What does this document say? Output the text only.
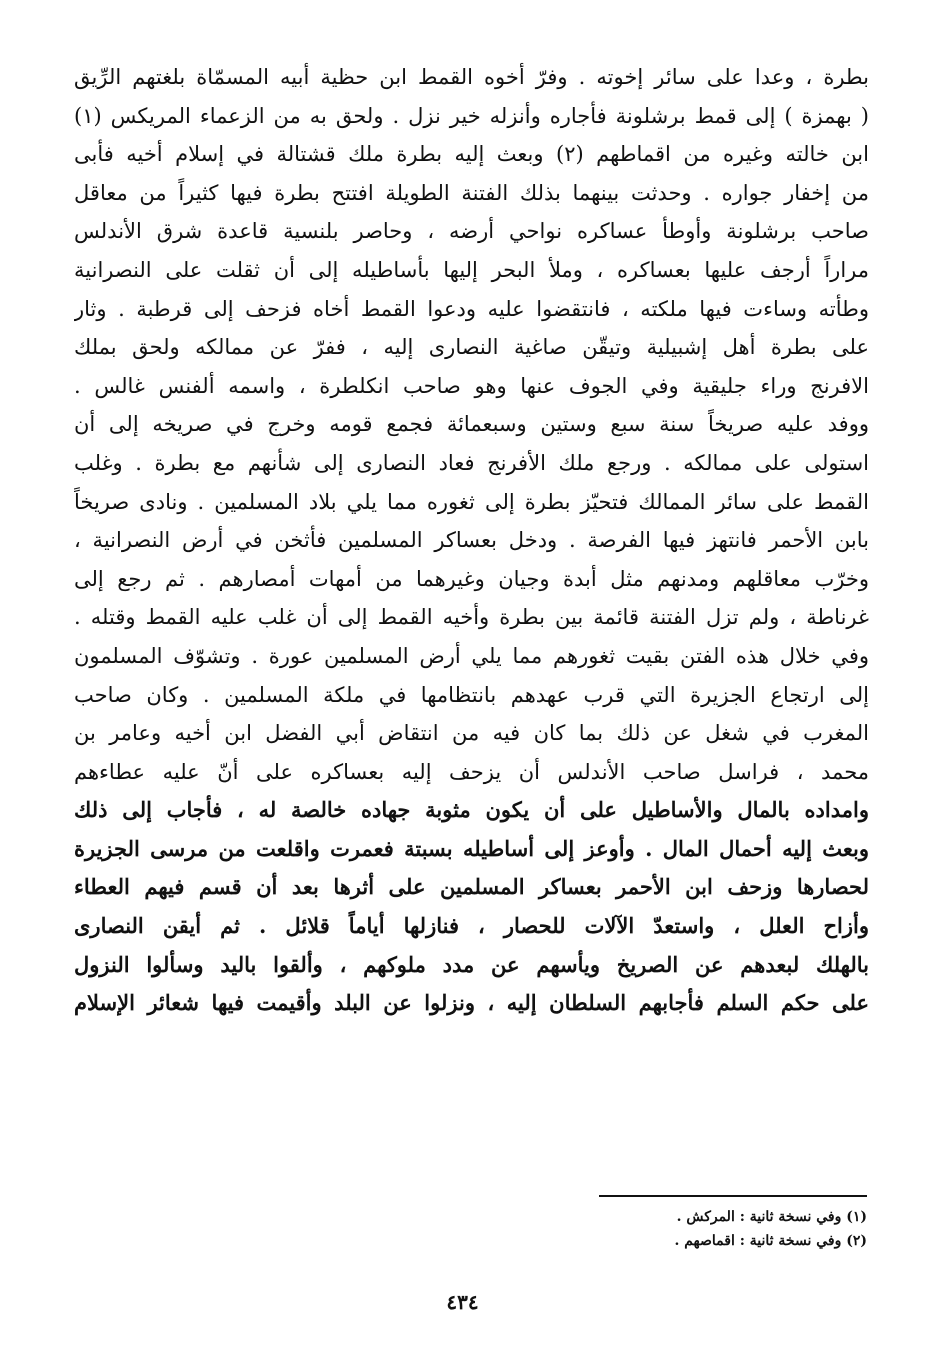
بطرة ، وعدا على سائر إخوته . وفرّ أخوه القمط ابن حظية أبيه المسمّاة بلغتهم الرِّيق
( بهمزة ) إلى قمط برشلونة فأجاره وأنزله خير نزل . ولحق به من الزعماء المريكس (١)
ابن خالته وغيره من اقماطهم (٢) وبعث إليه بطرة ملك قشتالة في إسلام أخيه فأبى
من إخفار جواره . وحدثت بينهما بذلك الفتنة الطويلة افتتح بطرة فيها كثيراً من معاقل
صاحب برشلونة وأوطأ عساكره نواحي أرضه ، وحاصر بلنسية قاعدة شرق الأندلس
مراراً أرجف عليها بعساكره ، وملأ البحر إليها بأساطيله إلى أن ثقلت على النصرانية
وطأته وساءت فيها ملكته ، فانتقضوا عليه ودعوا القمط أخاه فزحف إلى قرطبة . وثار
على بطرة أهل إشبيلية وتيقّن صاغية النصارى إليه ، ففرّ عن ممالكه ولحق بملك
الافرنج وراء جليقية وفي الجوف عنها وهو صاحب انكلطرة ، واسمه ألفنس غالس .
ووفد عليه صريخاً سنة سبع وستين وسبعمائة فجمع قومه وخرج في صريخه إلى أن
استولى على ممالكه . ورجع ملك الأفرنج فعاد النصارى إلى شأنهم مع بطرة . وغلب
القمط على سائر الممالك فتحيّز بطرة إلى ثغوره مما يلي بلاد المسلمين . ونادى صريخاً
بابن الأحمر فانتهز فيها الفرصة . ودخل بعساكر المسلمين فأثخن في أرض النصرانية ،
وخرّب معاقلهم ومدنهم مثل أبدة وجيان وغيرهما من أمهات أمصارهم . ثم رجع إلى
غرناطة ، ولم تزل الفتنة قائمة بين بطرة وأخيه القمط إلى أن غلب عليه القمط وقتله .
وفي خلال هذه الفتن بقيت ثغورهم مما يلي أرض المسلمين عورة . وتشوّف المسلمون
إلى ارتجاع الجزيرة التي قرب عهدهم بانتظامها في ملكة المسلمين . وكان صاحب
المغرب في شغل عن ذلك بما كان فيه من انتقاض أبي الفضل ابن أخيه وعامر بن
محمد ، فراسل صاحب الأندلس أن يزحف إليه بعساكره على أنّ عليه عطاءهم
وامداده بالمال والأساطيل على أن يكون مثوبة جهاده خالصة له ، فأجاب إلى ذلك
وبعث إليه أحمال المال . وأوعز إلى أساطيله بسبتة فعمرت واقلعت من مرسى الجزيرة
لحصارها وزحف ابن الأحمر بعساكر المسلمين على أثرها بعد أن قسم فيهم العطاء
وأزاح العلل ، واستعدّ الآلات للحصار ، فنازلها أياماً قلائل . ثم أيقن النصارى
بالهلك لبعدهم عن الصريخ ويأسهم عن مدد ملوكهم ، وألقوا باليد وسألوا النزول
على حكم السلم فأجابهم السلطان إليه ، ونزلوا عن البلد وأقيمت فيها شعائر الإسلام
(١) وفي نسخة ثانية : المركش .
(٢) وفي نسخة ثانية : اقماصهم .
٤٣٤
